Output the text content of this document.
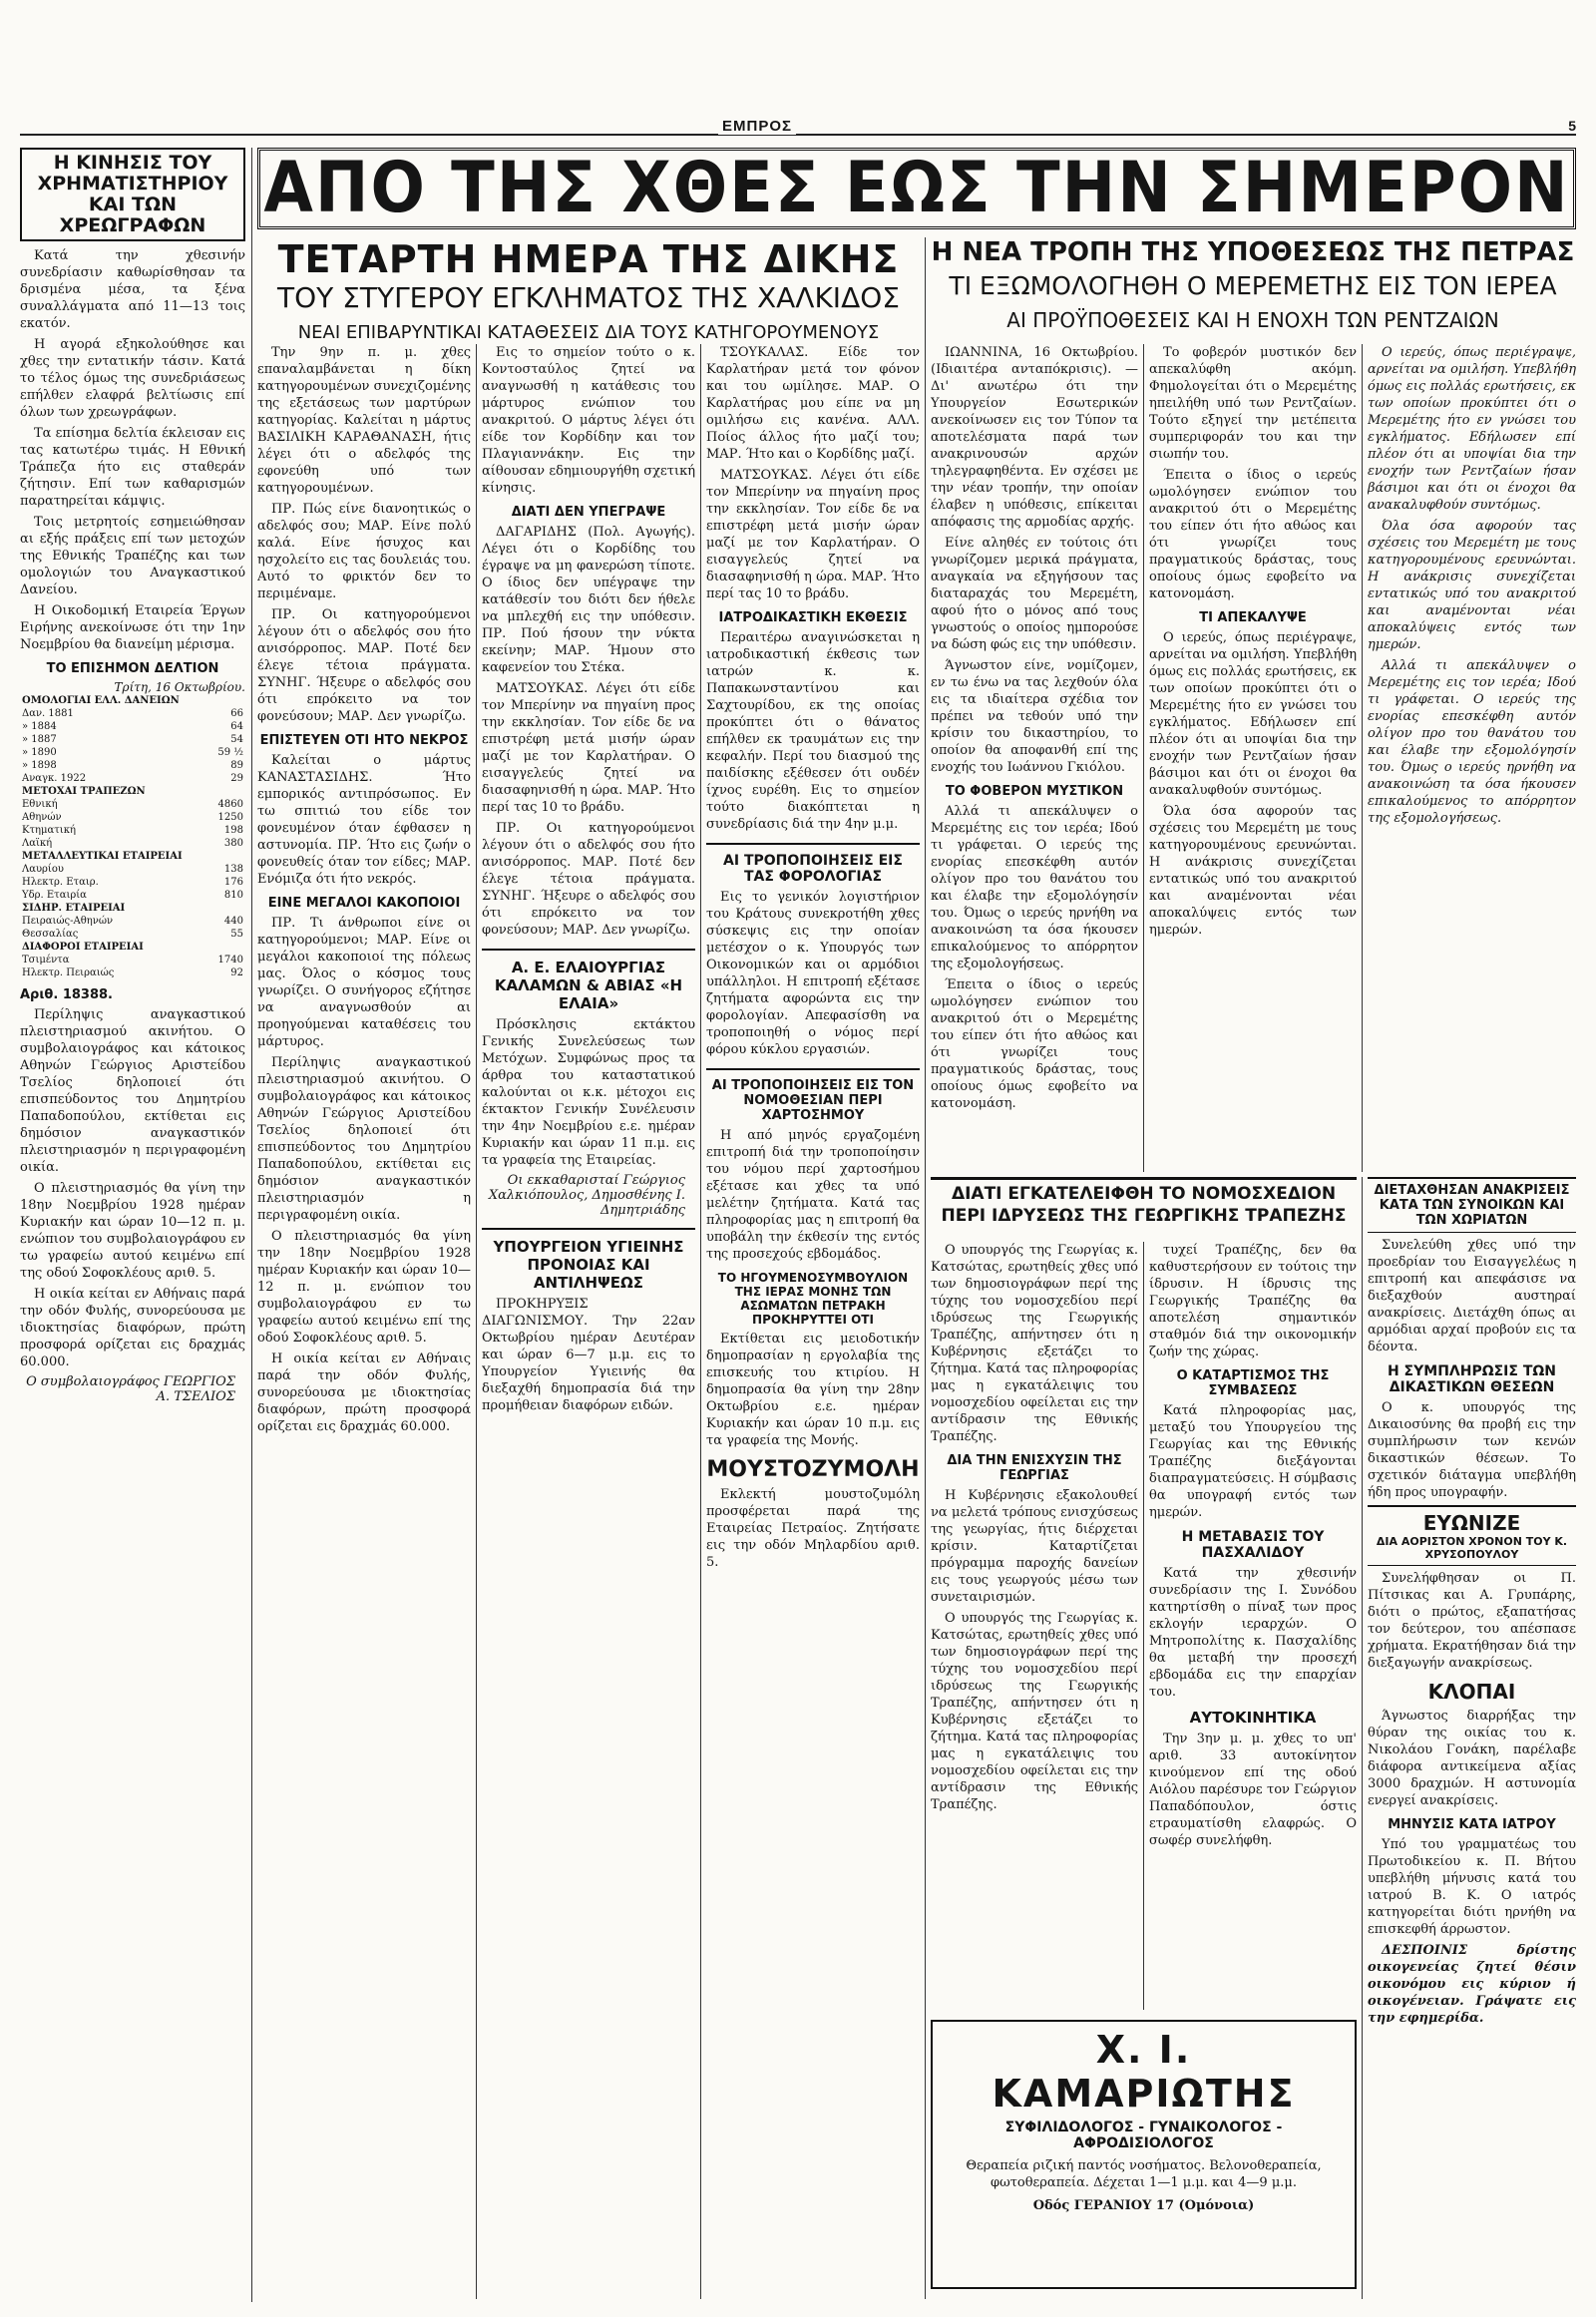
ΕΜΠΡΟΣ	5
Η ΚΙΝΗΣΙΣ ΤΟΥ ΧΡΗΜΑΤΙΣΤΗΡΙΟΥ ΚΑΙ ΤΩΝ ΧΡΕΩΓΡΑΦΩΝ

Κατά την χθεσινήν συνεδρίασιν καθωρίσθησαν τα δρισμένα μέσα, τα ξένα συναλλάγματα από 11—13 τοις εκατόν.

Η αγορά εξηκολούθησε και χθες την εντατικήν τάσιν. Κατά το τέλος όμως της συνεδριάσεως επήλθεν ελαφρά βελτίωσις επί όλων των χρεωγράφων.

Τα επίσημα δελτία έκλεισαν εις τας κατωτέρω τιμάς. Η Εθνική Τράπεζα ήτο εις σταθεράν ζήτησιν. Επί των καθαρισμών παρατηρείται κάμψις.

Τοις μετρητοίς εσημειώθησαν αι εξής πράξεις επί των μετοχών της Εθνικής Τραπέζης και των ομολογιών του Αναγκαστικού Δανείου.

Η Οικοδομική Εταιρεία Έργων Ειρήνης ανεκοίνωσε ότι την 1ην Νοεμβρίου θα διανείμη μέρισμα.

ΤΟ ΕΠΙΣΗΜΟΝ ΔΕΛΤΙΟΝ
Τρίτη, 16 Οκτωβρίου.
ΟΜΟΛΟΓΙΑΙ ΕΛΛ. ΔΑΝΕΙΩΝ	
Δαν. 1881	66
» 1884	64
» 1887	54
» 1890	59 ½
» 1898	89
Αναγκ. 1922	29
ΜΕΤΟΧΑΙ ΤΡΑΠΕΖΩΝ	
Εθνική	4860
Αθηνών	1250
Κτηματική	198
Λαϊκή	380
ΜΕΤΑΛΛΕΥΤΙΚΑΙ ΕΤΑΙΡΕΙΑΙ	
Λαυρίου	138
Ηλεκτρ. Εταιρ.	176
Υδρ. Εταιρία	810
ΣΙΔΗΡ. ΕΤΑΙΡΕΙΑΙ	
Πειραιώς-Αθηνών	440
Θεσσαλίας	55
ΔΙΑΦΟΡΟΙ ΕΤΑΙΡΕΙΑΙ	
Τσιμέντα	1740
Ηλεκτρ. Πειραιώς	92
Αριθ. 18388.

Περίληψις αναγκαστικού πλειστηριασμού ακινήτου. Ο συμβολαιογράφος και κάτοικος Αθηνών Γεώργιος Αριστείδου Τσελίος δηλοποιεί ότι επισπεύδοντος του Δημητρίου Παπαδοπούλου, εκτίθεται εις δημόσιον αναγκαστικόν πλειστηριασμόν η περιγραφομένη οικία.

Ο πλειστηριασμός θα γίνη την 18ην Νοεμβρίου 1928 ημέραν Κυριακήν και ώραν 10—12 π. μ. ενώπιον του συμβολαιογράφου εν τω γραφείω αυτού κειμένω επί της οδού Σοφοκλέους αριθ. 5.

Η οικία κείται εν Αθήναις παρά την οδόν Φυλής, συνορεύουσα με ιδιοκτησίας διαφόρων, πρώτη προσφορά ορίζεται εις δραχμάς 60.000.

Ο συμβολαιογράφος ΓΕΩΡΓΙΟΣ Α. ΤΣΕΛΙΟΣ
ΑΠΟ ΤΗΣ ΧΘΕΣ ΕΩΣ ΤΗΝ ΣΗΜΕΡΟΝ
ΤΕΤΑΡΤΗ ΗΜΕΡΑ ΤΗΣ ΔΙΚΗΣ
ΤΟΥ ΣΤΥΓΕΡΟΥ ΕΓΚΛΗΜΑΤΟΣ ΤΗΣ ΧΑΛΚΙΔΟΣ
ΝΕΑΙ ΕΠΙΒΑΡΥΝΤΙΚΑΙ ΚΑΤΑΘΕΣΕΙΣ ΔΙΑ ΤΟΥΣ ΚΑΤΗΓΟΡΟΥΜΕΝΟΥΣ
Η ΝΕΑ ΤΡΟΠΗ ΤΗΣ ΥΠΟΘΕΣΕΩΣ ΤΗΣ ΠΕΤΡΑΣ
ΤΙ ΕΞΩΜΟΛΟΓΗΘΗ Ο ΜΕΡΕΜΕΤΗΣ ΕΙΣ ΤΟΝ ΙΕΡΕΑ
ΑΙ ΠΡΟΫΠΟΘΕΣΕΙΣ ΚΑΙ Η ΕΝΟΧΗ ΤΩΝ ΡΕΝΤΖΑΙΩΝ

Την 9ην π. μ. χθες επαναλαμβάνεται η δίκη κατηγορουμένων συνεχιζομένης της εξετάσεως των μαρτύρων κατηγορίας. Καλείται η μάρτυς ΒΑΣΙΛΙΚΗ ΚΑΡΑΘΑΝΑΣΗ, ήτις λέγει ότι ο αδελφός της εφονεύθη υπό των κατηγορουμένων.

ΠΡ. Πώς είνε διανοητικώς ο αδελφός σου; ΜΑΡ. Είνε πολύ καλά. Είνε ήσυχος και ησχολείτο εις τας δουλειάς του. Αυτό το φρικτόν δεν το περιμέναμε.

ΠΡ. Οι κατηγορούμενοι λέγουν ότι ο αδελφός σου ήτο ανισόρροπος. ΜΑΡ. Ποτέ δεν έλεγε τέτοια πράγματα. ΣΥΝΗΓ. Ήξευρε ο αδελφός σου ότι επρόκειτο να τον φονεύσουν; ΜΑΡ. Δεν γνωρίζω.

ΕΠΙΣΤΕΥΕΝ ΟΤΙ ΗΤΟ ΝΕΚΡΟΣ

Καλείται ο μάρτυς ΚΑΝΑΣΤΑΣΙΔΗΣ. Ήτο εμπορικός αντιπρόσωπος. Εν τω σπιτιώ του είδε τον φονευμένον όταν έφθασεν η αστυνομία. ΠΡ. Ήτο εις ζωήν ο φονευθείς όταν τον είδες; ΜΑΡ. Ενόμιζα ότι ήτο νεκρός.

ΕΙΝΕ ΜΕΓΑΛΟΙ ΚΑΚΟΠΟΙΟΙ

ΠΡ. Τι άνθρωποι είνε οι κατηγορούμενοι; ΜΑΡ. Είνε οι μεγάλοι κακοποιοί της πόλεως μας. Όλος ο κόσμος τους γνωρίζει. Ο συνήγορος εζήτησε να αναγνωσθούν αι προηγούμεναι καταθέσεις του μάρτυρος.

Περίληψις αναγκαστικού πλειστηριασμού ακινήτου. Ο συμβολαιογράφος και κάτοικος Αθηνών Γεώργιος Αριστείδου Τσελίος δηλοποιεί ότι επισπεύδοντος του Δημητρίου Παπαδοπούλου, εκτίθεται εις δημόσιον αναγκαστικόν πλειστηριασμόν η περιγραφομένη οικία.

Ο πλειστηριασμός θα γίνη την 18ην Νοεμβρίου 1928 ημέραν Κυριακήν και ώραν 10—12 π. μ. ενώπιον του συμβολαιογράφου εν τω γραφείω αυτού κειμένω επί της οδού Σοφοκλέους αριθ. 5.

Η οικία κείται εν Αθήναις παρά την οδόν Φυλής, συνορεύουσα με ιδιοκτησίας διαφόρων, πρώτη προσφορά ορίζεται εις δραχμάς 60.000.

Εις το σημείον τούτο ο κ. Κοντοσταύλος ζητεί να αναγνωσθή η κατάθεσις του μάρτυρος ενώπιον του ανακριτού. Ο μάρτυς λέγει ότι είδε τον Κορδίδην και τον Πλαγιαννάκην. Εις την αίθουσαν εδημιουργήθη σχετική κίνησις.

ΔΙΑΤΙ ΔΕΝ ΥΠΕΓΡΑΨΕ

ΔΑΓΑΡΙΔΗΣ (Πολ. Αγωγής). Λέγει ότι ο Κορδίδης του έγραψε να μη φανερώση τίποτε. Ο ίδιος δεν υπέγραψε την κατάθεσίν του διότι δεν ήθελε να μπλεχθή εις την υπόθεσιν. ΠΡ. Πού ήσουν την νύκτα εκείνην; ΜΑΡ. Ήμουν στο καφενείον του Στέκα.

ΜΑΤΣΟΥΚΑΣ. Λέγει ότι είδε τον Μπερίνην να πηγαίνη προς την εκκλησίαν. Τον είδε δε να επιστρέφη μετά μισήν ώραν μαζί με τον Καρλατήραν. Ο εισαγγελεύς ζητεί να διασαφηνισθή η ώρα. ΜΑΡ. Ήτο περί τας 10 το βράδυ.

ΠΡ. Οι κατηγορούμενοι λέγουν ότι ο αδελφός σου ήτο ανισόρροπος. ΜΑΡ. Ποτέ δεν έλεγε τέτοια πράγματα. ΣΥΝΗΓ. Ήξευρε ο αδελφός σου ότι επρόκειτο να τον φονεύσουν; ΜΑΡ. Δεν γνωρίζω.

Α. Ε. ΕΛΑΙΟΥΡΓΙΑΣ ΚΑΛΑΜΩΝ & ΑΒΙΑΣ «Η ΕΛΑΙΑ»

Πρόσκλησις εκτάκτου Γενικής Συνελεύσεως των Μετόχων. Συμφώνως προς τα άρθρα του καταστατικού καλούνται οι κ.κ. μέτοχοι εις έκτακτον Γενικήν Συνέλευσιν την 4ην Νοεμβρίου ε.ε. ημέραν Κυριακήν και ώραν 11 π.μ. εις τα γραφεία της Εταιρείας.

Οι εκκαθαρισταί Γεώργιος Χαλκιόπουλος, Δημοσθένης Ι. Δημητριάδης
ΥΠΟΥΡΓΕΙΟΝ ΥΓΙΕΙΝΗΣ ΠΡΟΝΟΙΑΣ ΚΑΙ ΑΝΤΙΛΗΨΕΩΣ

ΠΡΟΚΗΡΥΞΙΣ ΔΙΑΓΩΝΙΣΜΟΥ. Την 22αν Οκτωβρίου ημέραν Δευτέραν και ώραν 6—7 μ.μ. εις το Υπουργείον Υγιεινής θα διεξαχθή δημοπρασία διά την προμήθειαν διαφόρων ειδών.

ΤΣΟΥΚΑΛΑΣ. Είδε τον Καρλατήραν μετά τον φόνον και του ωμίλησε. ΜΑΡ. Ο Καρλατήρας μου είπε να μη ομιλήσω εις κανένα. ΑΛΛ. Ποίος άλλος ήτο μαζί του; ΜΑΡ. Ήτο και ο Κορδίδης μαζί.

ΜΑΤΣΟΥΚΑΣ. Λέγει ότι είδε τον Μπερίνην να πηγαίνη προς την εκκλησίαν. Τον είδε δε να επιστρέφη μετά μισήν ώραν μαζί με τον Καρλατήραν. Ο εισαγγελεύς ζητεί να διασαφηνισθή η ώρα. ΜΑΡ. Ήτο περί τας 10 το βράδυ.

ΙΑΤΡΟΔΙΚΑΣΤΙΚΗ ΕΚΘΕΣΙΣ

Περαιτέρω αναγινώσκεται η ιατροδικαστική έκθεσις των ιατρών κ. κ. Παπακωνσταντίνου και Σαχτουρίδου, εκ της οποίας προκύπτει ότι ο θάνατος επήλθεν εκ τραυμάτων εις την κεφαλήν. Περί του διασμού της παιδίσκης εξέθεσεν ότι ουδέν ίχνος ευρέθη. Εις το σημείον τούτο διακόπτεται η συνεδρίασις διά την 4ην μ.μ.

ΑΙ ΤΡΟΠΟΠΟΙΗΣΕΙΣ ΕΙΣ ΤΑΣ ΦΟΡΟΛΟΓΙΑΣ

Εις το γενικόν λογιστήριον του Κράτους συνεκροτήθη χθες σύσκεψις εις την οποίαν μετέσχον ο κ. Υπουργός των Οικονομικών και οι αρμόδιοι υπάλληλοι. Η επιτροπή εξέτασε ζητήματα αφορώντα εις την φορολογίαν. Απεφασίσθη να τροποποιηθή ο νόμος περί φόρου κύκλου εργασιών.

ΑΙ ΤΡΟΠΟΠΟΙΗΣΕΙΣ ΕΙΣ ΤΟΝ ΝΟΜΟΘΕΣΙΑΝ ΠΕΡΙ ΧΑΡΤΟΣΗΜΟΥ

Η από μηνός εργαζομένη επιτροπή διά την τροποποίησιν του νόμου περί χαρτοσήμου εξέτασε και χθες τα υπό μελέτην ζητήματα. Κατά τας πληροφορίας μας η επιτροπή θα υποβάλη την έκθεσίν της εντός της προσεχούς εβδομάδος.

ΤΟ ΗΓΟΥΜΕΝΟΣΥΜΒΟΥΛΙΟΝ ΤΗΣ ΙΕΡΑΣ ΜΟΝΗΣ ΤΩΝ ΑΣΩΜΑΤΩΝ ΠΕΤΡΑΚΗ ΠΡΟΚΗΡΥΤΤΕΙ ΟΤΙ

Εκτίθεται εις μειοδοτικήν δημοπρασίαν η εργολαβία της επισκευής του κτιρίου. Η δημοπρασία θα γίνη την 28ην Οκτωβρίου ε.ε. ημέραν Κυριακήν και ώραν 10 π.μ. εις τα γραφεία της Μονής.

ΜΟΥΣΤΟΖΥΜΟΛΗ

Εκλεκτή μουστοζυμόλη προσφέρεται παρά της Εταιρείας Πετραίος. Ζητήσατε εις την οδόν Μηλαρδίου αριθ. 5.

ΙΩΑΝΝΙΝΑ, 16 Οκτωβρίου. (Ιδιαιτέρα ανταπόκρισις). — Δι' ανωτέρω ότι την Υπουργείον Εσωτερικών ανεκοίνωσεν εις τον Τύπον τα αποτελέσματα παρά των ανακρινουσών αρχών τηλεγραφηθέντα. Εν σχέσει με την νέαν τροπήν, την οποίαν έλαβεν η υπόθεσις, επίκειται απόφασις της αρμοδίας αρχής.

Είνε αληθές εν τούτοις ότι γνωρίζομεν μερικά πράγματα, αναγκαία να εξηγήσουν τας διαταραχάς του Μερεμέτη, αφού ήτο ο μόνος από τους γνωστούς ο οποίος ημπορούσε να δώση φώς εις την υπόθεσιν.

Άγνωστον είνε, νομίζομεν, εν τω ένω να τας λεχθούν όλα εις τα ιδιαίτερα σχέδια τον πρέπει να τεθούν υπό την κρίσιν του δικαστηρίου, το οποίον θα αποφανθή επί της ενοχής του Ιωάννου Γκιόλου.

ΤΟ ΦΟΒΕΡΟΝ ΜΥΣΤΙΚΟΝ

Αλλά τι απεκάλυψεν ο Μερεμέτης εις τον ιερέα; Ιδού τι γράφεται. Ο ιερεύς της ενορίας επεσκέφθη αυτόν ολίγον προ του θανάτου του και έλαβε την εξομολόγησίν του. Όμως ο ιερεύς ηρνήθη να ανακοινώση τα όσα ήκουσεν επικαλούμενος το απόρρητον της εξομολογήσεως.

Έπειτα ο ίδιος ο ιερεύς ωμολόγησεν ενώπιον του ανακριτού ότι ο Μερεμέτης του είπεν ότι ήτο αθώος και ότι γνωρίζει τους πραγματικούς δράστας, τους οποίους όμως εφοβείτο να κατονομάση.

Το φοβερόν μυστικόν δεν απεκαλύφθη ακόμη. Φημολογείται ότι ο Μερεμέτης ηπειλήθη υπό των Ρεντζαίων. Τούτο εξηγεί την μετέπειτα συμπεριφοράν του και την σιωπήν του.

Έπειτα ο ίδιος ο ιερεύς ωμολόγησεν ενώπιον του ανακριτού ότι ο Μερεμέτης του είπεν ότι ήτο αθώος και ότι γνωρίζει τους πραγματικούς δράστας, τους οποίους όμως εφοβείτο να κατονομάση.

ΤΙ ΑΠΕΚΑΛΥΨΕ

Ο ιερεύς, όπως περιέγραψε, αρνείται να ομιλήση. Υπεβλήθη όμως εις πολλάς ερωτήσεις, εκ των οποίων προκύπτει ότι ο Μερεμέτης ήτο εν γνώσει του εγκλήματος. Εδήλωσεν επί πλέον ότι αι υποψίαι δια την ενοχήν των Ρεντζαίων ήσαν βάσιμοι και ότι οι ένοχοι θα ανακαλυφθούν συντόμως.

Όλα όσα αφορούν τας σχέσεις του Μερεμέτη με τους κατηγορουμένους ερευνώνται. Η ανάκρισις συνεχίζεται εντατικώς υπό του ανακριτού και αναμένονται νέαι αποκαλύψεις εντός των ημερών.

Ο ιερεύς, όπως περιέγραψε, αρνείται να ομιλήση. Υπεβλήθη όμως εις πολλάς ερωτήσεις, εκ των οποίων προκύπτει ότι ο Μερεμέτης ήτο εν γνώσει του εγκλήματος. Εδήλωσεν επί πλέον ότι αι υποψίαι δια την ενοχήν των Ρεντζαίων ήσαν βάσιμοι και ότι οι ένοχοι θα ανακαλυφθούν συντόμως.

Όλα όσα αφορούν τας σχέσεις του Μερεμέτη με τους κατηγορουμένους ερευνώνται. Η ανάκρισις συνεχίζεται εντατικώς υπό του ανακριτού και αναμένονται νέαι αποκαλύψεις εντός των ημερών.

Αλλά τι απεκάλυψεν ο Μερεμέτης εις τον ιερέα; Ιδού τι γράφεται. Ο ιερεύς της ενορίας επεσκέφθη αυτόν ολίγον προ του θανάτου του και έλαβε την εξομολόγησίν του. Όμως ο ιερεύς ηρνήθη να ανακοινώση τα όσα ήκουσεν επικαλούμενος το απόρρητον της εξομολογήσεως.

ΔΙΑΤΙ ΕΓΚΑΤΕΛΕΙΦΘΗ ΤΟ ΝΟΜΟΣΧΕΔΙΟΝ ΠΕΡΙ ΙΔΡΥΣΕΩΣ ΤΗΣ ΓΕΩΡΓΙΚΗΣ ΤΡΑΠΕΖΗΣ

Ο υπουργός της Γεωργίας κ. Κατσώτας, ερωτηθείς χθες υπό των δημοσιογράφων περί της τύχης του νομοσχεδίου περί ιδρύσεως της Γεωργικής Τραπέζης, απήντησεν ότι η Κυβέρνησις εξετάζει το ζήτημα. Κατά τας πληροφορίας μας η εγκατάλειψις του νομοσχεδίου οφείλεται εις την αντίδρασιν της Εθνικής Τραπέζης.

ΔΙΑ ΤΗΝ ΕΝΙΣΧΥΣΙΝ ΤΗΣ ΓΕΩΡΓΙΑΣ

Η Κυβέρνησις εξακολουθεί να μελετά τρόπους ενισχύσεως της γεωργίας, ήτις διέρχεται κρίσιν. Καταρτίζεται πρόγραμμα παροχής δανείων εις τους γεωργούς μέσω των συνεταιρισμών.

Ο υπουργός της Γεωργίας κ. Κατσώτας, ερωτηθείς χθες υπό των δημοσιογράφων περί της τύχης του νομοσχεδίου περί ιδρύσεως της Γεωργικής Τραπέζης, απήντησεν ότι η Κυβέρνησις εξετάζει το ζήτημα. Κατά τας πληροφορίας μας η εγκατάλειψις του νομοσχεδίου οφείλεται εις την αντίδρασιν της Εθνικής Τραπέζης.

τυχεί Τραπέζης, δεν θα καθυστερήσουν εν τούτοις την ίδρυσιν. Η ίδρυσις της Γεωργικής Τραπέζης θα αποτελέση σημαντικόν σταθμόν διά την οικονομικήν ζωήν της χώρας.

Ο ΚΑΤΑΡΤΙΣΜΟΣ ΤΗΣ ΣΥΜΒΑΣΕΩΣ

Κατά πληροφορίας μας, μεταξύ του Υπουργείου της Γεωργίας και της Εθνικής Τραπέζης διεξάγονται διαπραγματεύσεις. Η σύμβασις θα υπογραφή εντός των ημερών.

Η ΜΕΤΑΒΑΣΙΣ ΤΟΥ ΠΑΣΧΑΛΙΔΟΥ

Κατά την χθεσινήν συνεδρίασιν της Ι. Συνόδου κατηρτίσθη ο πίναξ των προς εκλογήν ιεραρχών. Ο Μητροπολίτης κ. Πασχαλίδης θα μεταβή την προσεχή εβδομάδα εις την επαρχίαν του.

ΑΥΤΟΚΙΝΗΤΙΚΑ

Την 3ην μ. μ. χθες το υπ' αριθ. 33 αυτοκίνητον κινούμενον επί της οδού Αιόλου παρέσυρε τον Γεώργιον Παπαδόπουλον, όστις ετραυματίσθη ελαφρώς. Ο σωφέρ συνελήφθη.

ΔΙΕΤΑΧΘΗΣΑΝ ΑΝΑΚΡΙΣΕΙΣ ΚΑΤΑ ΤΩΝ ΣΥΝΟΙΚΩΝ ΚΑΙ ΤΩΝ ΧΩΡΙΑΤΩΝ

Συνελεύθη χθες υπό την προεδρίαν του Εισαγγελέως η επιτροπή και απεφάσισε να διεξαχθούν αυστηραί ανακρίσεις. Διετάχθη όπως αι αρμόδιαι αρχαί προβούν εις τα δέοντα.

Η ΣΥΜΠΛΗΡΩΣΙΣ ΤΩΝ ΔΙΚΑΣΤΙΚΩΝ ΘΕΣΕΩΝ

Ο κ. υπουργός της Δικαιοσύνης θα προβή εις την συμπλήρωσιν των κενών δικαστικών θέσεων. Το σχετικόν διάταγμα υπεβλήθη ήδη προς υπογραφήν.

ΕΥΩΝΙΖΕ
ΔΙΑ ΑΟΡΙΣΤΟΝ ΧΡΟΝΟΝ ΤΟΥ Κ. ΧΡΥΣΟΠΟΥΛΟΥ

Συνελήφθησαν οι Π. Πίτσικας και Α. Γρυπάρης, διότι ο πρώτος, εξαπατήσας τον δεύτερον, του απέσπασε χρήματα. Εκρατήθησαν διά την διεξαγωγήν ανακρίσεως.

ΚΛΟΠΑΙ

Άγνωστος διαρρήξας την θύραν της οικίας του κ. Νικολάου Γονάκη, παρέλαβε διάφορα αντικείμενα αξίας 3000 δραχμών. Η αστυνομία ενεργεί ανακρίσεις.

ΜΗΝΥΣΙΣ ΚΑΤΑ ΙΑΤΡΟΥ

Υπό του γραμματέως του Πρωτοδικείου κ. Π. Βήτου υπεβλήθη μήνυσις κατά του ιατρού Β. Κ. Ο ιατρός κατηγορείται διότι ηρνήθη να επισκεφθή άρρωστον.

ΔΕΣΠΟΙΝΙΣ δρίστης οικογενείας ζητεί θέσιν οικονόμου εις κύριον ή οικογένειαν. Γράψατε εις την εφημερίδα.

Χ. Ι. ΚΑΜΑΡΙΩΤΗΣ
ΣΥΦΙΛΙΔΟΛΟΓΟΣ - ΓΥΝΑΙΚΟΛΟΓΟΣ - ΑΦΡΟΔΙΣΙΟΛΟΓΟΣ
Θεραπεία ριζική παντός νοσήματος. Βελονοθεραπεία, φωτοθεραπεία. Δέχεται 1—1 μ.μ. και 4—9 μ.μ.
Οδός ΓΕΡΑΝΙΟΥ 17 (Ομόνοια)
